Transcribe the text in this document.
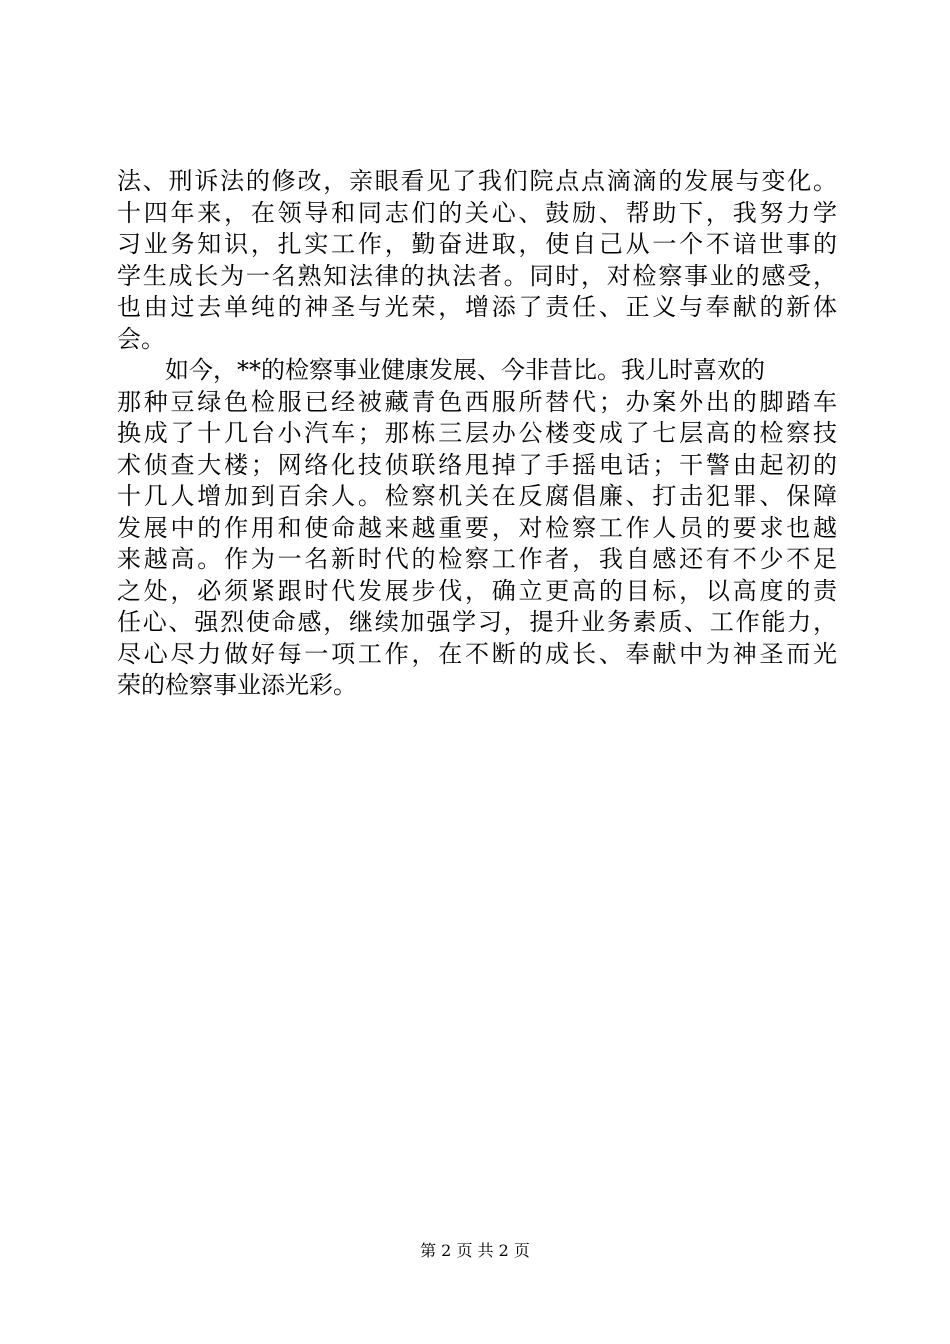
法、刑诉法的修改，亲眼看见了我们院点点滴滴的发展与变化。
十四年来，在领导和同志们的关心、鼓励、帮助下，我努力学
习业务知识，扎实工作，勤奋进取，使自己从一个不谙世事的
学生成长为一名熟知法律的执法者。同时，对检察事业的感受，
也由过去单纯的神圣与光荣，增添了责任、正义与奉献的新体
会。
　　如今，**的检察事业健康发展、今非昔比。我儿时喜欢的
那种豆绿色检服已经被藏青色西服所替代；办案外出的脚踏车
换成了十几台小汽车；那栋三层办公楼变成了七层高的检察技
术侦查大楼；网络化技侦联络甩掉了手摇电话；干警由起初的
十几人增加到百余人。检察机关在反腐倡廉、打击犯罪、保障
发展中的作用和使命越来越重要，对检察工作人员的要求也越
来越高。作为一名新时代的检察工作者，我自感还有不少不足
之处，必须紧跟时代发展步伐，确立更高的目标，以高度的责
任心、强烈使命感，继续加强学习，提升业务素质、工作能力，
尽心尽力做好每一项工作，在不断的成长、奉献中为神圣而光
荣的检察事业添光彩。
第 2 页 共 2 页
